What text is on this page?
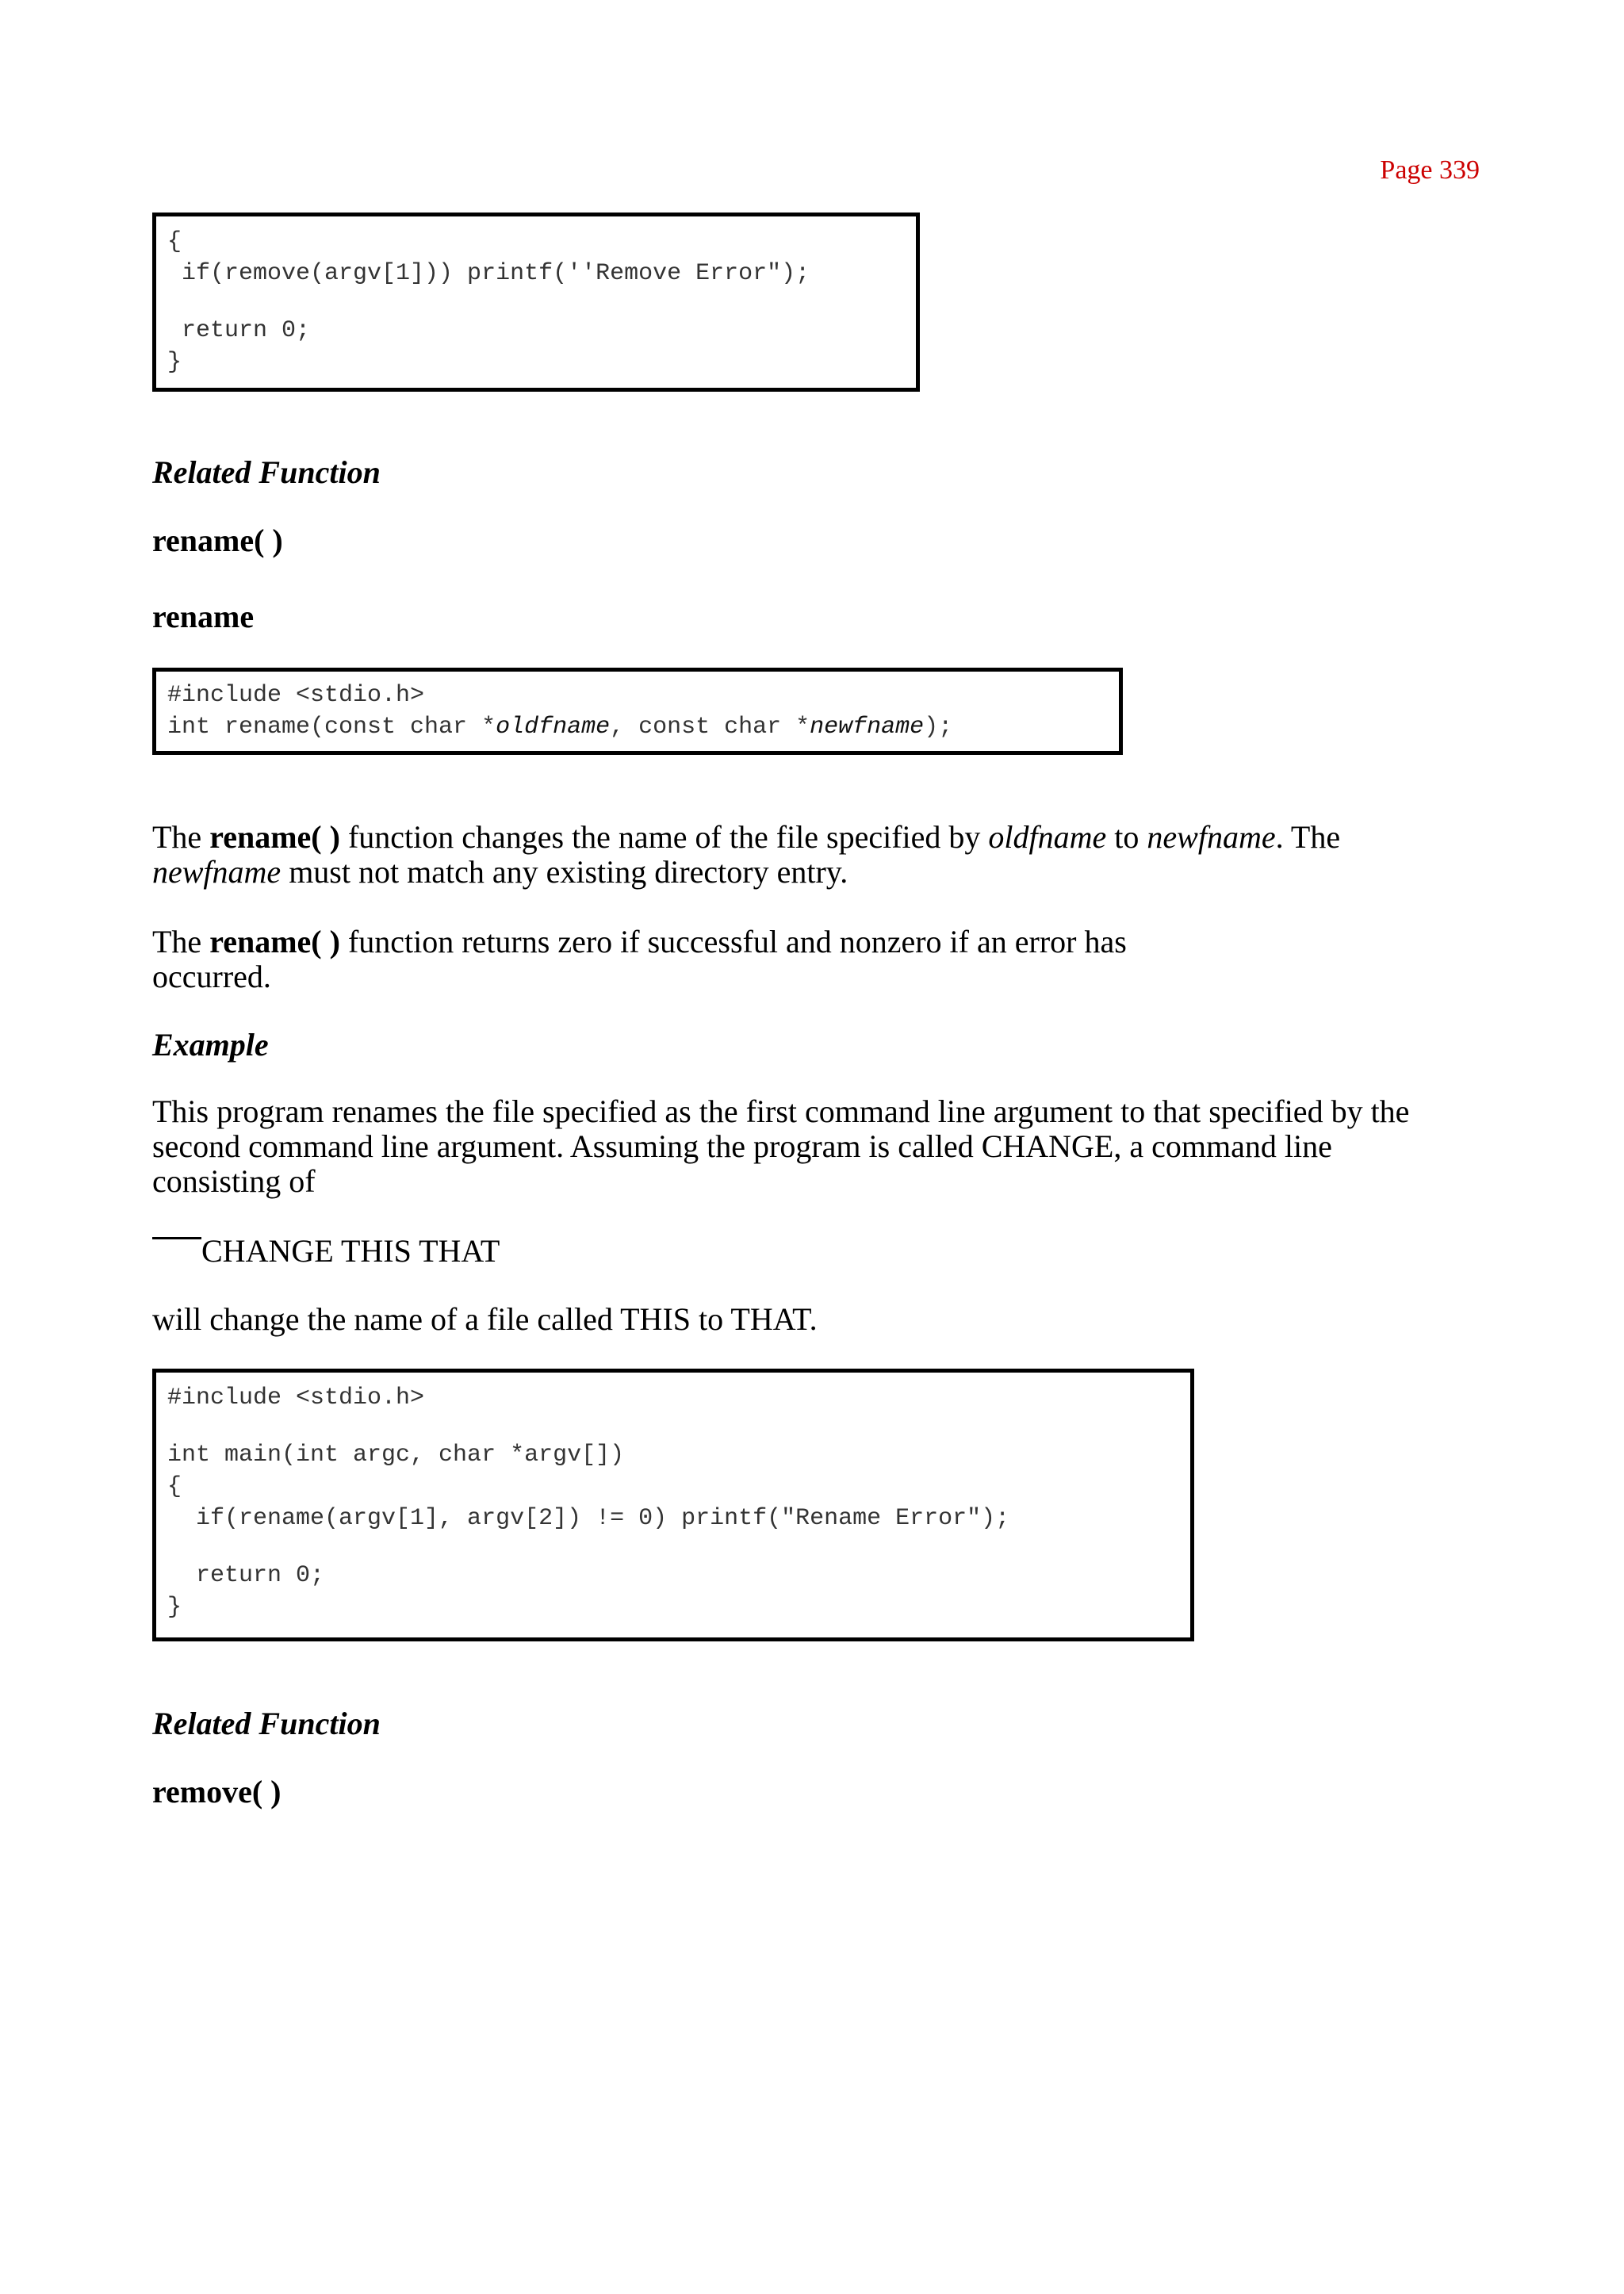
Page 339
{
if(remove(argv[1])) printf(''Remove Error");
return 0;
}
Related Function
rename( )
rename
#include <stdio.h>
int rename(const char *oldfname, const char *newfname);
The rename( ) function changes the name of the file specified by oldfname to newfname. The
newfname must not match any existing directory entry.
The rename( ) function returns zero if successful and nonzero if an error has
occurred.
Example
This program renames the file specified as the first command line argument to that specified by the
second command line argument. Assuming the program is called CHANGE, a command line
consisting of
CHANGE THIS THAT
will change the name of a file called THIS to THAT.
#include <stdio.h>
int main(int argc, char *argv[])
{
if(rename(argv[1], argv[2]) != 0) printf("Rename Error");
return 0;
}
Related Function
remove( )
